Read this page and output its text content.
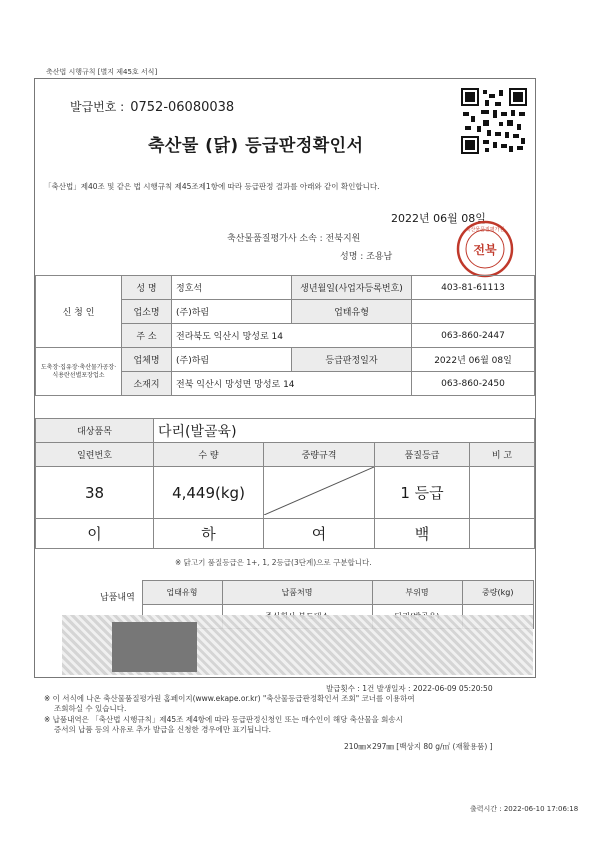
축산법 시행규칙 [별지 제45호 서식]
발급번호 : 0752-06080038
축산물 (닭) 등급판정확인서
「축산법」제40조 및 같은 법 시행규칙 제45조제1항에 따라 등급판정 결과를 아래와 같이 확인합니다.
2022년 06월 08일
축산물품질평가사 소속 : 전북지원
성명 : 조용남	전북
축산물품질평가원
신 청 인	성 명	정호석	생년월일(사업자등록번호)	403-81-61113
	업소명	(주)하림	업태유형	
	주 소	전라북도 익산시 망성로 14		063-860-2447
도축장·집유장·축산물가공장·식용란선별포장업소	업체명	(주)하림	등급판정일자	2022년 06월 08일
	소재지	전북 익산시 망성면 망성로 14		063-860-2450
대상품목	다리(발골육)			
일련번호	수 량	중량규격	품질등급	비 고
38	4,449(kg)		1 등급	
이	하	여	백	
※ 닭고기 품질등급은 1+, 1, 2등급(3단계)으로 구분합니다.
납품내역
	업태유형	납품처명	부위명	중량(kg)

발급횟수 : 1건 발생일자 : 2022-06-09 05:20:50
※ 이 서식에 나온 축산물품질평가원 홈페이지(www.ekape.or.kr) "축산물등급판정확인서 조회" 코너를 이용하여
조회하실 수 있습니다.
※ 납품내역은 「축산법 시행규칙」제45조 제4항에 따라 등급판정신청인 또는 매수인이 해당 축산물을 회송시
증서의 납품 등의 사유로 추가 발급을 신청한 경우에만 표기됩니다.
210㎜×297㎜ [백상지 80 g/㎡ (재활용품) ]
출력시간 : 2022-06-10 17:06:18
